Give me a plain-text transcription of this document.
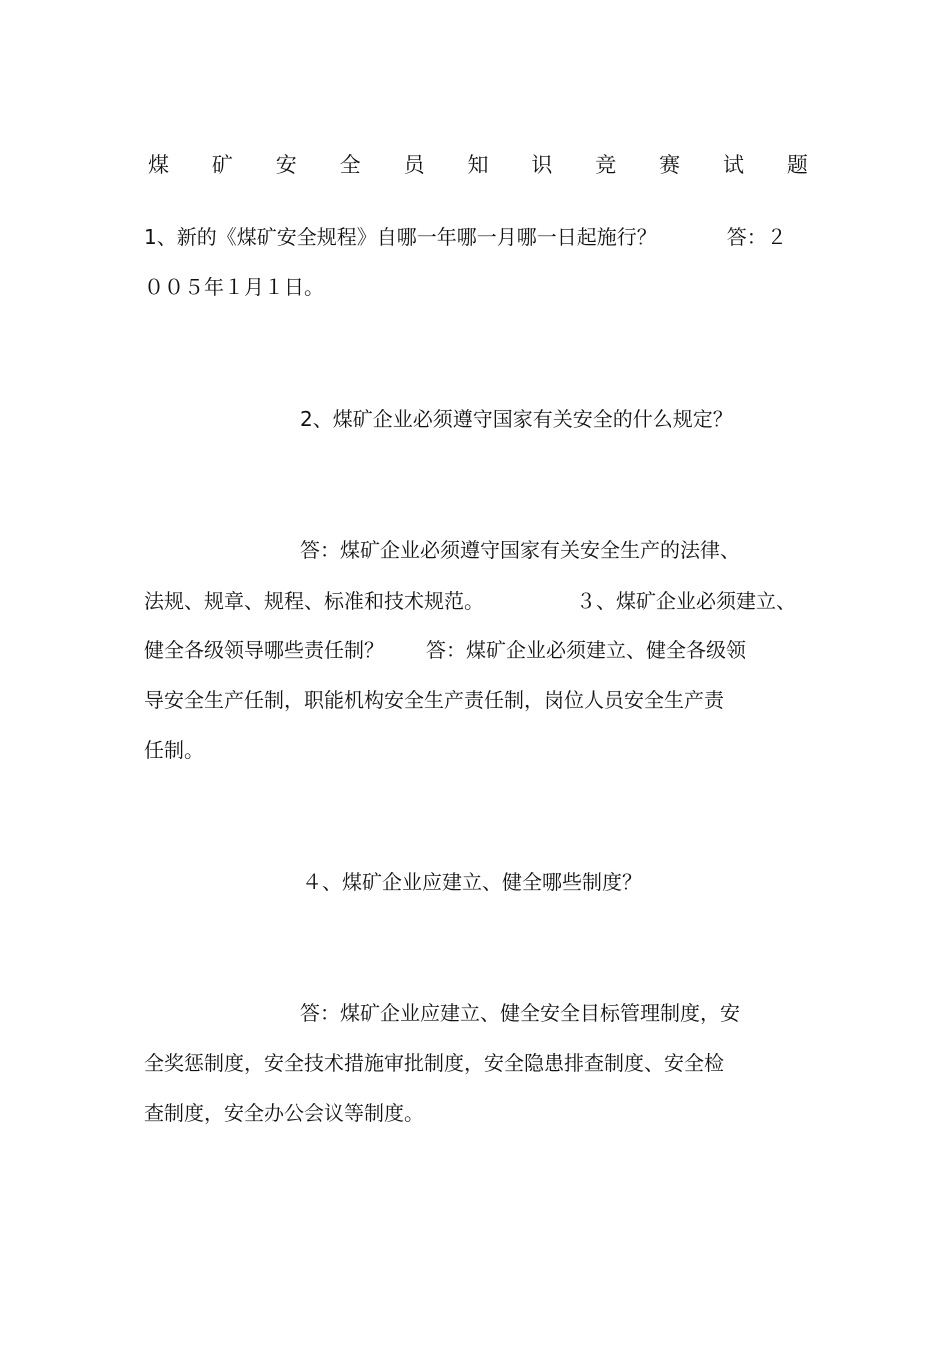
煤 矿 安 全 员 知 识 竞 赛 试 题
1、新的《煤矿安全规程》自哪一年哪一月哪一日起施行？	答：２
００５年１月１日。
2、煤矿企业必须遵守国家有关安全的什么规定？
答：煤矿企业必须遵守国家有关安全生产的法律、
法规、规章、规程、标准和技术规范。	３、煤矿企业必须建立、
健全各级领导哪些责任制？ 答：煤矿企业必须建立、健全各级领
导安全生产任制，职能机构安全生产责任制，岗位人员安全生产责
任制。
４、煤矿企业应建立、健全哪些制度？
答：煤矿企业应建立、健全安全目标管理制度，安
全奖惩制度，安全技术措施审批制度，安全隐患排查制度、安全检
查制度，安全办公会议等制度。
